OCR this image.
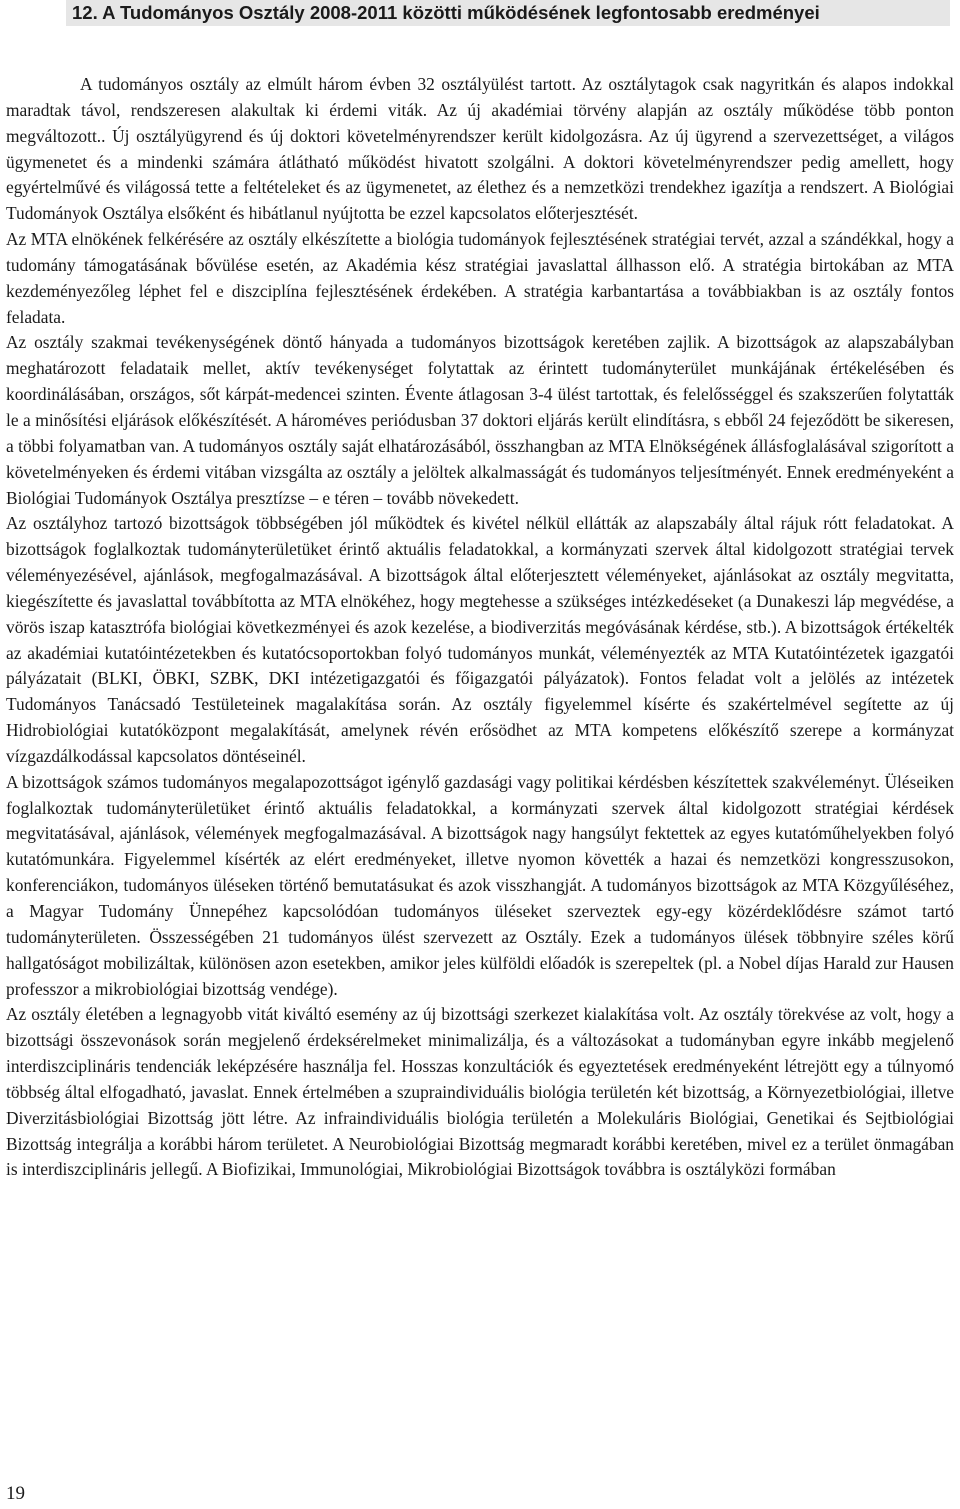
12. A Tudományos Osztály 2008-2011 közötti működésének legfontosabb eredményei

A tudományos osztály az elmúlt három évben 32 osztályülést tartott. Az osztálytagok csak nagyritkán és alapos indokkal maradtak távol, rendszeresen alakultak ki érdemi viták. Az új akadémiai törvény alapján az osztály működése több ponton megváltozott.. Új osztályügyrend és új doktori követelményrendszer került kidolgozásra. Az új ügyrend a szervezettséget, a világos ügymenetet és a mindenki számára átlátható működést hivatott szolgálni. A doktori követelményrendszer pedig amellett, hogy egyértelművé és világossá tette a feltételeket és az ügymenetet, az élethez és a nemzetközi trendekhez igazítja a rendszert. A Biológiai Tudományok Osztálya elsőként és hibátlanul nyújtotta be ezzel kapcsolatos előterjesztését.

Az MTA elnökének felkérésére az osztály elkészítette a biológia tudományok fejlesztésének stratégiai tervét, azzal a szándékkal, hogy a tudomány támogatásának bővülése esetén, az Akadémia kész stratégiai javaslattal állhasson elő. A stratégia birtokában az MTA kezdeményezőleg léphet fel e diszciplína fejlesztésének érdekében. A stratégia karbantartása a továbbiakban is az osztály fontos feladata.

Az osztály szakmai tevékenységének döntő hányada a tudományos bizottságok keretében zajlik. A bizottságok az alapszabályban meghatározott feladataik mellet, aktív tevékenységet folytattak az érintett tudományterület munkájának értékelésében és koordinálásában, országos, sőt kárpát-medencei szinten. Évente átlagosan 3-4 ülést tartottak, és felelősséggel és szakszerűen folytatták le a minősítési eljárások előkészítését. A hároméves periódusban 37 doktori eljárás került elindításra, s ebből 24 fejeződött be sikeresen, a többi folyamatban van. A tudományos osztály saját elhatározásából, összhangban az MTA Elnökségének állásfoglalásával szigorított a követelményeken és érdemi vitában vizsgálta az osztály a jelöltek alkalmasságát és tudományos teljesítményét. Ennek eredményeként a Biológiai Tudományok Osztálya presztízse – e téren – tovább növekedett.

Az osztályhoz tartozó bizottságok többségében jól működtek és kivétel nélkül ellátták az alapszabály által rájuk rótt feladatokat. A bizottságok foglalkoztak tudományterületüket érintő aktuális feladatokkal, a kormányzati szervek által kidolgozott stratégiai tervek véleményezésével, ajánlások, megfogalmazásával. A bizottságok által előterjesztett véleményeket, ajánlásokat az osztály megvitatta, kiegészítette és javaslattal továbbította az MTA elnökéhez, hogy megtehesse a szükséges intézkedéseket (a Dunakeszi láp megvédése, a vörös iszap katasztrófa biológiai következményei és azok kezelése, a biodiverzitás megóvásának kérdése, stb.). A bizottságok értékelték az akadémiai kutatóintézetekben és kutatócsoportokban folyó tudományos munkát, véleményezték az MTA Kutatóintézetek igazgatói pályázatait (BLKI, ÖBKI, SZBK, DKI intézetigazgatói és főigazgatói pályázatok). Fontos feladat volt a jelölés az intézetek Tudományos Tanácsadó Testületeinek magalakítása során. Az osztály figyelemmel kísérte és szakértelmével segítette az új Hidrobiológiai kutatóközpont megalakítását, amelynek révén erősödhet az MTA kompetens előkészítő szerepe a kormányzat vízgazdálkodással kapcsolatos döntéseinél.

A bizottságok számos tudományos megalapozottságot igénylő gazdasági vagy politikai kérdésben készítettek szakvéleményt. Üléseiken foglalkoztak tudományterületüket érintő aktuális feladatokkal, a kormányzati szervek által kidolgozott stratégiai kérdések megvitatásával, ajánlások, vélemények megfogalmazásával. A bizottságok nagy hangsúlyt fektettek az egyes kutatóműhelyekben folyó kutatómunkára. Figyelemmel kísérték az elért eredményeket, illetve nyomon követték a hazai és nemzetközi kongresszusokon, konferenciákon, tudományos üléseken történő bemutatásukat és azok visszhangját. A tudományos bizottságok az MTA Közgyűléséhez, a Magyar Tudomány Ünnepéhez kapcsolódóan tudományos üléseket szerveztek egy-egy közérdeklődésre számot tartó tudományterületen. Összességében 21 tudományos ülést szervezett az Osztály. Ezek a tudományos ülések többnyire széles körű hallgatóságot mobilizáltak, különösen azon esetekben, amikor jeles külföldi előadók is szerepeltek (pl. a Nobel díjas Harald zur Hausen professzor a mikrobiológiai bizottság vendége).

Az osztály életében a legnagyobb vitát kiváltó esemény az új bizottsági szerkezet kialakítása volt. Az osztály törekvése az volt, hogy a bizottsági összevonások során megjelenő érdeksérelmeket minimalizálja, és a változásokat a tudományban egyre inkább megjelenő interdiszciplináris tendenciák leképzésére használja fel. Hosszas konzultációk és egyeztetések eredményeként létrejött egy a túlnyomó többség által elfogadható, javaslat. Ennek értelmében a szupraindividuális biológia területén két bizottság, a Környezetbiológiai, illetve Diverzitásbiológiai Bizottság jött létre. Az infraindividuális biológia területén a Molekuláris Biológiai, Genetikai és Sejtbiológiai Bizottság integrálja a korábbi három területet. A Neurobiológiai Bizottság megmaradt korábbi keretében, mivel ez a terület önmagában is interdiszciplináris jellegű. A Biofizikai, Immunológiai, Mikrobiológiai Bizottságok továbbra is osztályközi formában

19
